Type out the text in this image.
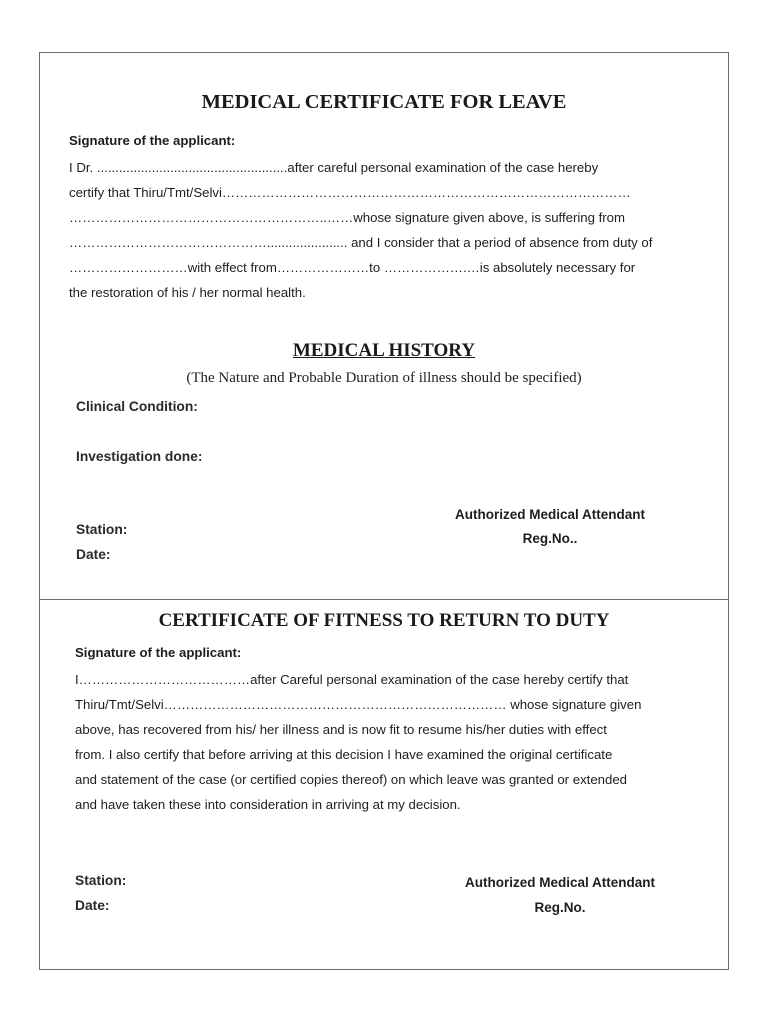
MEDICAL CERTIFICATE FOR LEAVE
Signature of the applicant:
I Dr. ....................................................after careful personal examination of the case hereby
certify that Thiru/Tmt/Selvi…………………………………………………………………………………
…………………………………………………..……whose signature given above, is suffering from
………………………………………...................... and I consider that a period of absence from duty of
………………………with effect from…………………to ……………….…is absolutely necessary for
the restoration of his / her normal health.
MEDICAL HISTORY
(The Nature and Probable Duration of illness should be specified)
Clinical Condition:
Investigation done:
Station:
Date:
Authorized Medical Attendant
Reg.No..
CERTIFICATE OF FITNESS TO RETURN TO DUTY
Signature of the applicant:
I…………………………………after Careful personal examination of the case hereby certify that
Thiru/Tmt/Selvi…………………………………………………………………… whose signature given
above, has recovered from his/ her illness and is now fit to resume his/her duties with effect
from. I also certify that before arriving at this decision I have examined the original certificate
and statement of the case (or certified copies thereof) on which leave was granted or extended
and have taken these into consideration in arriving at my decision.
Station:
Date:
Authorized Medical Attendant
Reg.No.
